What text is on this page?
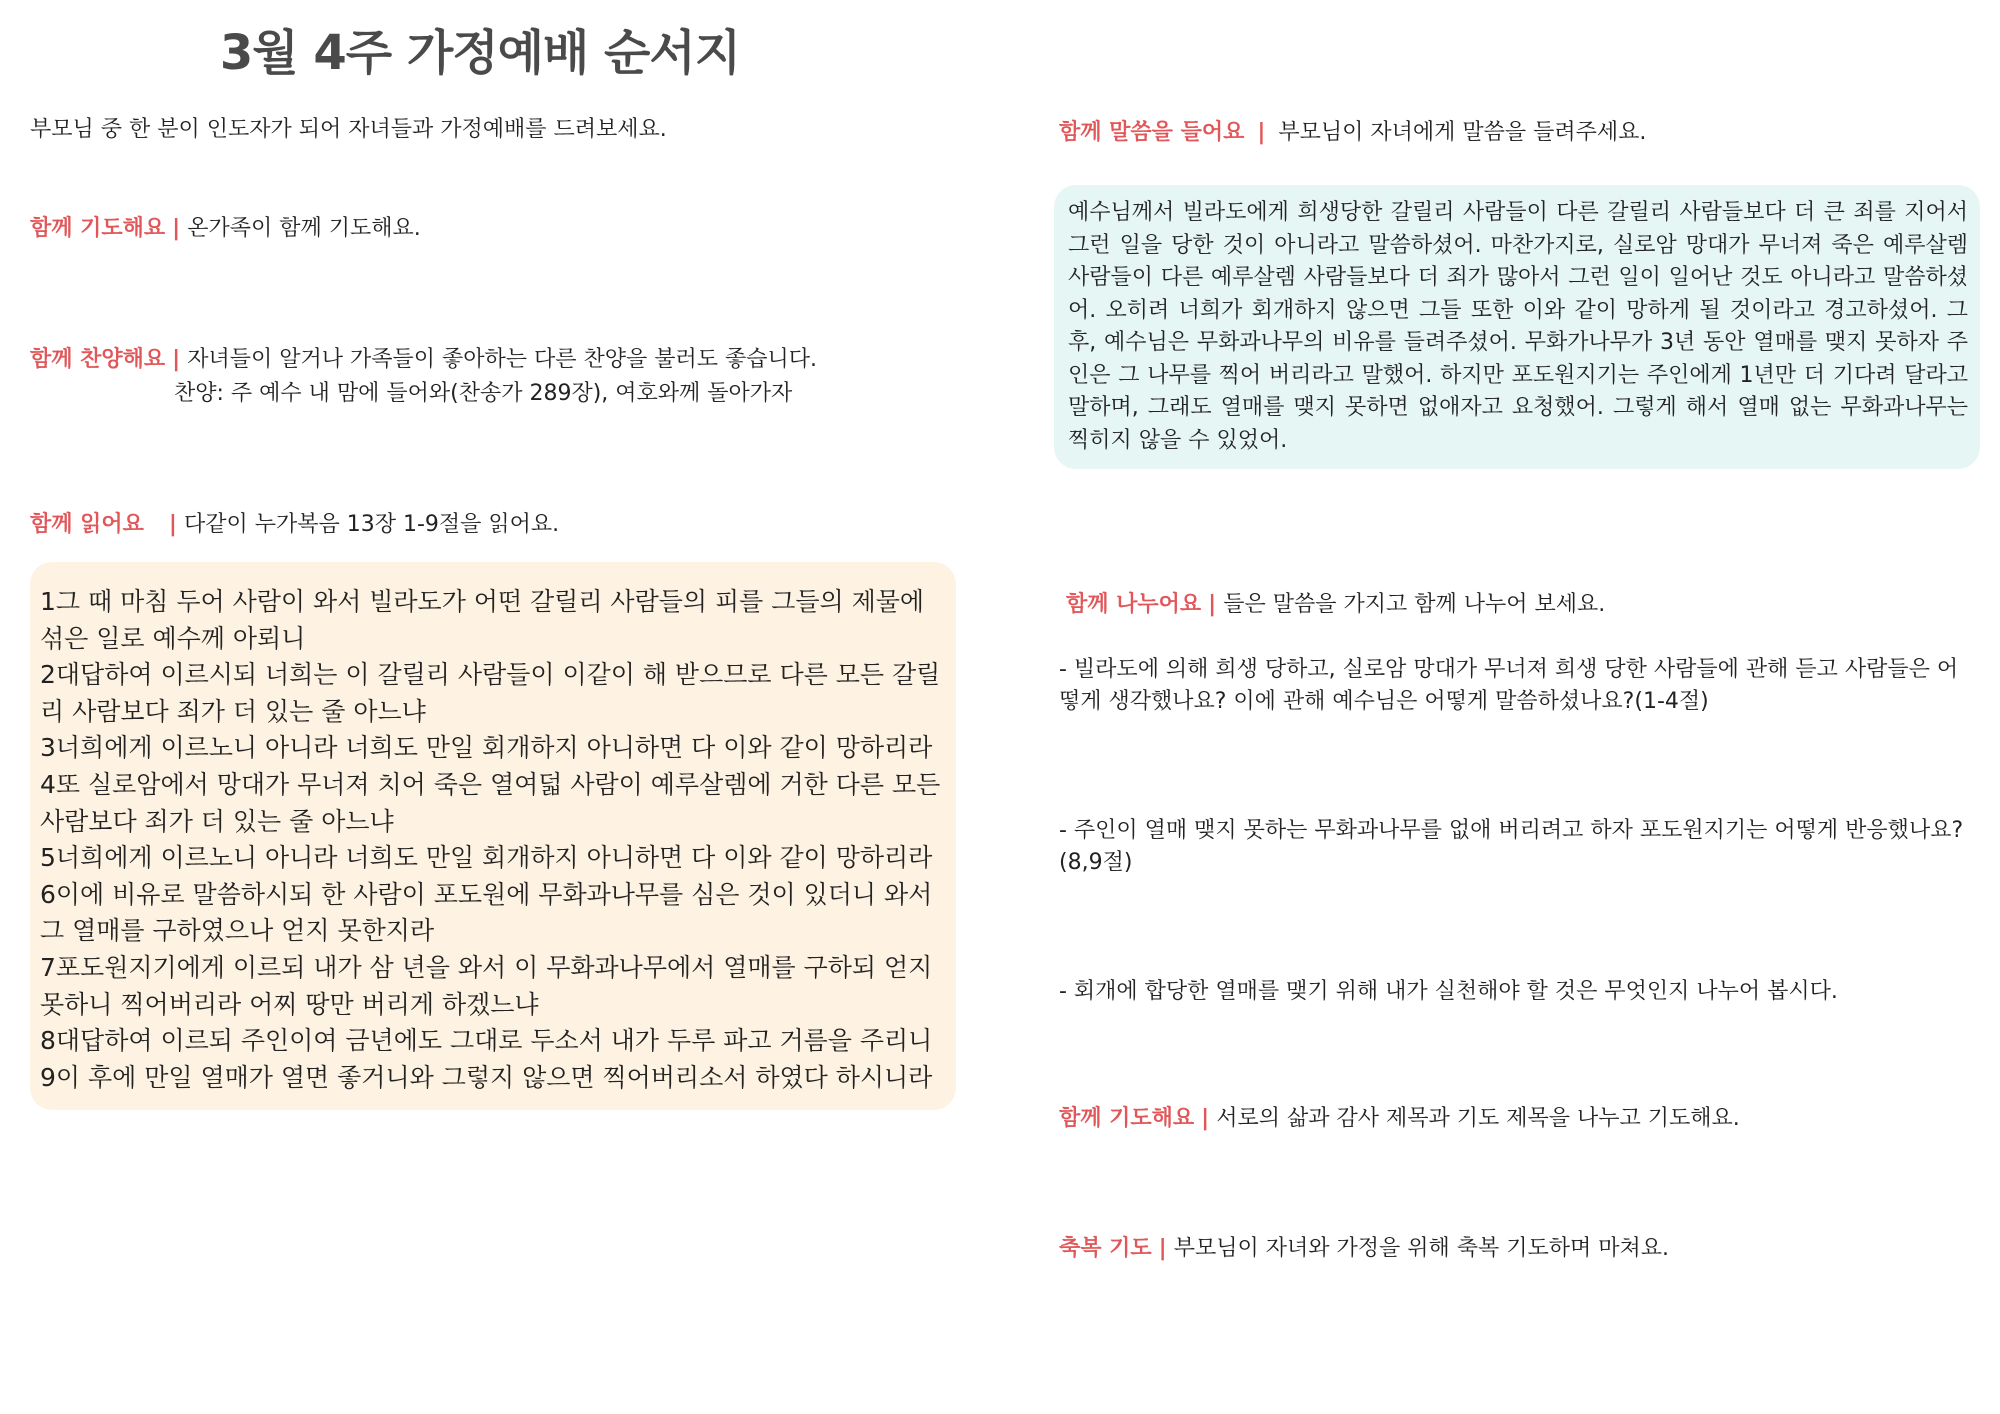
3월 4주 가정예배 순서지
부모님 중 한 분이 인도자가 되어 자녀들과 가정예배를 드려보세요.
함께 기도해요 | 온가족이 함께 기도해요.
함께 찬양해요 | 자녀들이 알거나 가족들이 좋아하는 다른 찬양을 불러도 좋습니다.
찬양: 주 예수 내 맘에 들어와(찬송가 289장), 여호와께 돌아가자
함께 읽어요 | 다같이 누가복음 13장 1-9절을 읽어요.
1그 때 마침 두어 사람이 와서 빌라도가 어떤 갈릴리 사람들의 피를 그들의 제물에 섞은 일로 예수께 아뢰니
2대답하여 이르시되 너희는 이 갈릴리 사람들이 이같이 해 받으므로 다른 모든 갈릴리 사람보다 죄가 더 있는 줄 아느냐
3너희에게 이르노니 아니라 너희도 만일 회개하지 아니하면 다 이와 같이 망하리라
4또 실로암에서 망대가 무너져 치어 죽은 열여덟 사람이 예루살렘에 거한 다른 모든 사람보다 죄가 더 있는 줄 아느냐
5너희에게 이르노니 아니라 너희도 만일 회개하지 아니하면 다 이와 같이 망하리라
6이에 비유로 말씀하시되 한 사람이 포도원에 무화과나무를 심은 것이 있더니 와서 그 열매를 구하였으나 얻지 못한지라
7포도원지기에게 이르되 내가 삼 년을 와서 이 무화과나무에서 열매를 구하되 얻지 못하니 찍어버리라 어찌 땅만 버리게 하겠느냐
8대답하여 이르되 주인이여 금년에도 그대로 두소서 내가 두루 파고 거름을 주리니
9이 후에 만일 열매가 열면 좋거니와 그렇지 않으면 찍어버리소서 하였다 하시니라
함께 말씀을 들어요 | 부모님이 자녀에게 말씀을 들려주세요.
예수님께서 빌라도에게 희생당한 갈릴리 사람들이 다른 갈릴리 사람들보다 더 큰 죄를 지어서 그런 일을 당한 것이 아니라고 말씀하셨어. 마찬가지로, 실로암 망대가 무너져 죽은 예루살렘 사람들이 다른 예루살렘 사람들보다 더 죄가 많아서 그런 일이 일어난 것도 아니라고 말씀하셨어. 오히려 너희가 회개하지 않으면 그들 또한 이와 같이 망하게 될 것이라고 경고하셨어. 그 후, 예수님은 무화과나무의 비유를 들려주셨어. 무화가나무가 3년 동안 열매를 맺지 못하자 주인은 그 나무를 찍어 버리라고 말했어. 하지만 포도원지기는 주인에게 1년만 더 기다려 달라고 말하며, 그래도 열매를 맺지 못하면 없애자고 요청했어. 그렇게 해서 열매 없는 무화과나무는 찍히지 않을 수 있었어.
함께 나누어요 | 들은 말씀을 가지고 함께 나누어 보세요.
- 빌라도에 의해 희생 당하고, 실로암 망대가 무너져 희생 당한 사람들에 관해 듣고 사람들은 어떻게 생각했나요? 이에 관해 예수님은 어떻게 말씀하셨나요?(1-4절)
- 주인이 열매 맺지 못하는 무화과나무를 없애 버리려고 하자 포도원지기는 어떻게 반응했나요?(8,9절)
- 회개에 합당한 열매를 맺기 위해 내가 실천해야 할 것은 무엇인지 나누어 봅시다.
함께 기도해요 | 서로의 삶과 감사 제목과 기도 제목을 나누고 기도해요.
축복 기도 | 부모님이 자녀와 가정을 위해 축복 기도하며 마쳐요.
